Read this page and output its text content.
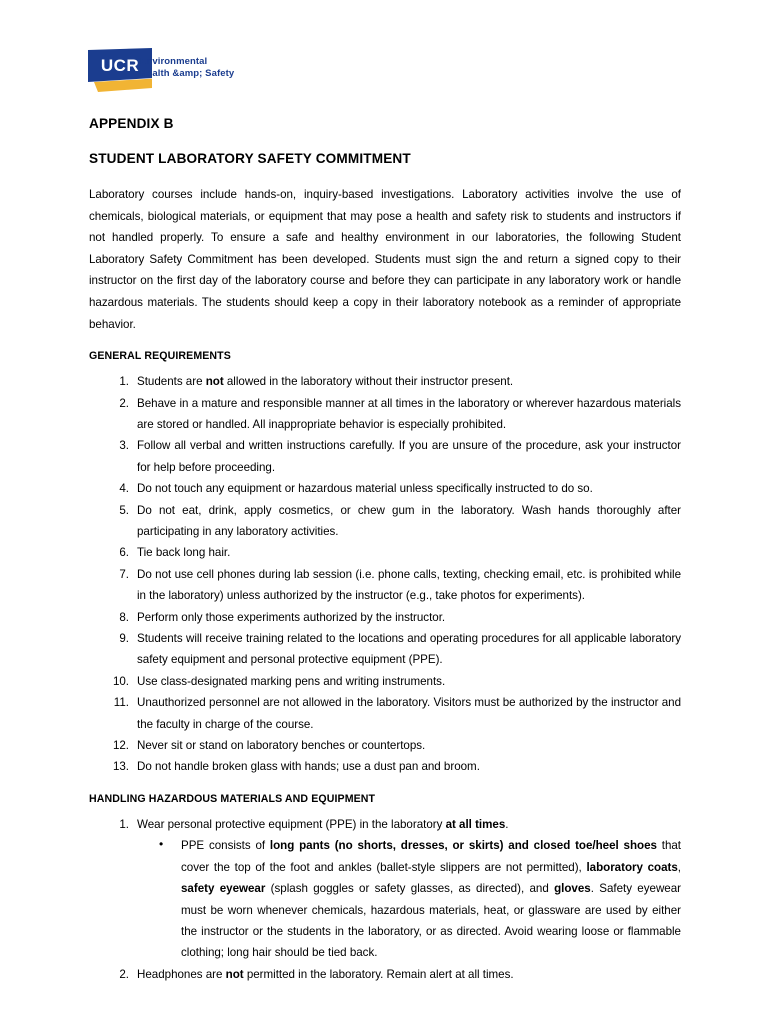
UCR Environmental
Health &amp; Safety
APPENDIX B
STUDENT LABORATORY SAFETY COMMITMENT

Laboratory courses include hands-on, inquiry-based investigations. Laboratory activities involve the use of chemicals, biological materials, or equipment that may pose a health and safety risk to students and instructors if not handled properly. To ensure a safe and healthy environment in our laboratories, the following Student Laboratory Safety Commitment has been developed. Students must sign the and return a signed copy to their instructor on the first day of the laboratory course and before they can participate in any laboratory work or handle hazardous materials. The students should keep a copy in their laboratory notebook as a reminder of appropriate behavior.

GENERAL REQUIREMENTS
1. Students are not allowed in the laboratory without their instructor present.
2. Behave in a mature and responsible manner at all times in the laboratory or wherever hazardous materials are stored or handled. All inappropriate behavior is especially prohibited.
3. Follow all verbal and written instructions carefully. If you are unsure of the procedure, ask your instructor for help before proceeding.
4. Do not touch any equipment or hazardous material unless specifically instructed to do so.
5. Do not eat, drink, apply cosmetics, or chew gum in the laboratory. Wash hands thoroughly after participating in any laboratory activities.
6. Tie back long hair.
7. Do not use cell phones during lab session (i.e. phone calls, texting, checking email, etc. is prohibited while in the laboratory) unless authorized by the instructor (e.g., take photos for experiments).
8. Perform only those experiments authorized by the instructor.
9. Students will receive training related to the locations and operating procedures for all applicable laboratory safety equipment and personal protective equipment (PPE).
10. Use class-designated marking pens and writing instruments.
11. Unauthorized personnel are not allowed in the laboratory. Visitors must be authorized by the instructor and the faculty in charge of the course.
12. Never sit or stand on laboratory benches or countertops.
13. Do not handle broken glass with hands; use a dust pan and broom.
HANDLING HAZARDOUS MATERIALS AND EQUIPMENT
1. Wear personal protective equipment (PPE) in the laboratory at all times.
• PPE consists of long pants (no shorts, dresses, or skirts) and closed toe/heel shoes that cover the top of the foot and ankles (ballet-style slippers are not permitted), laboratory coats, safety eyewear (splash goggles or safety glasses, as directed), and gloves. Safety eyewear must be worn whenever chemicals, hazardous materials, heat, or glassware are used by either the instructor or the students in the laboratory, or as directed. Avoid wearing loose or flammable clothing; long hair should be tied back.
2. Headphones are not permitted in the laboratory. Remain alert at all times.
